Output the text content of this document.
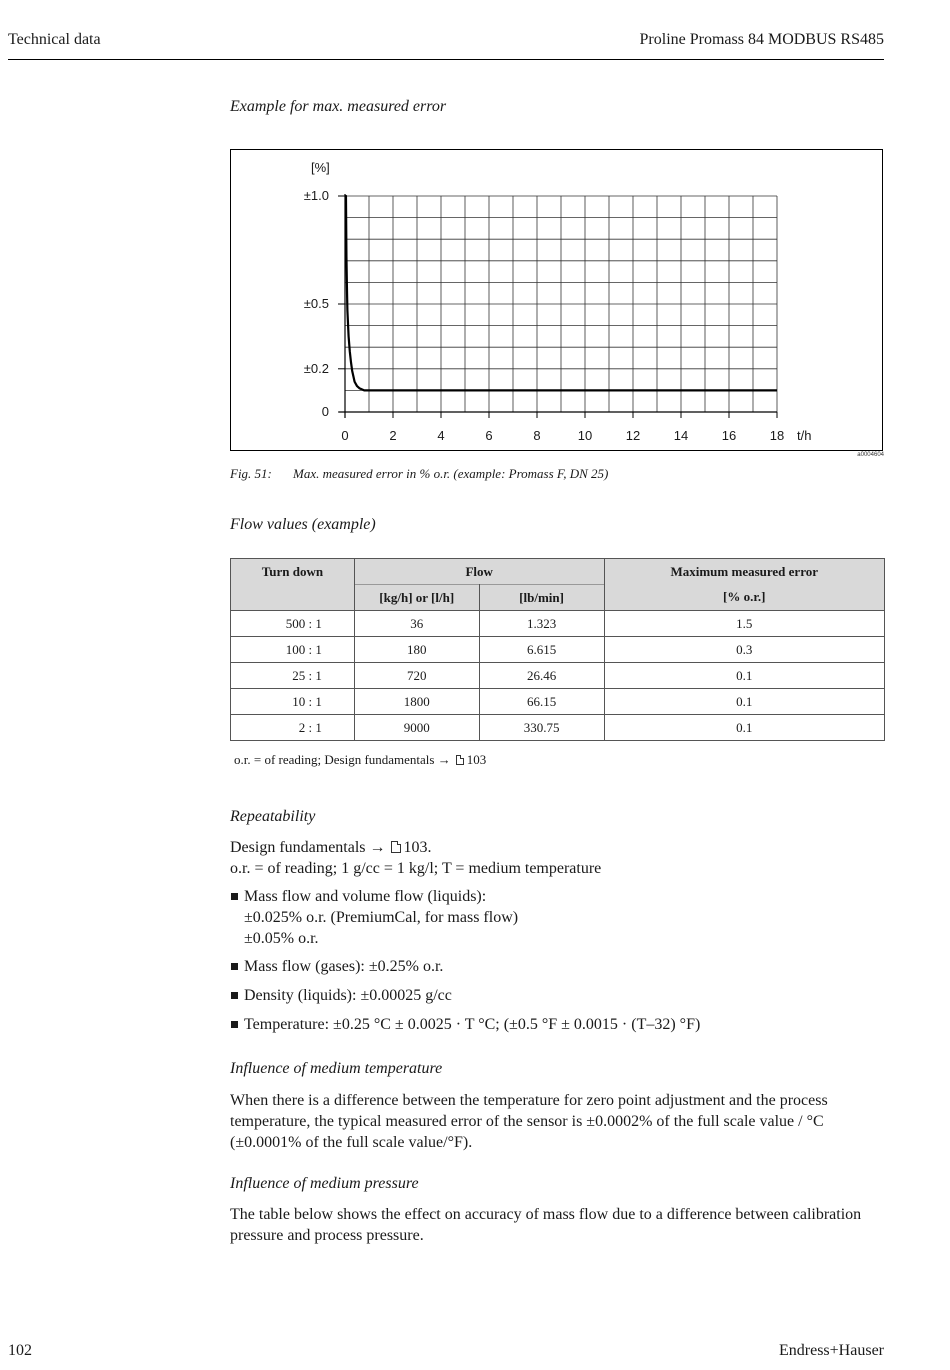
Technical data	Proline Promass 84 MODBUS RS485
Example for max. measured error
±1.0
±0.5
±0.2
0
0	2	4	6	8	10	12	14	16	18
[%]
t/h
a0004604
Fig. 51: Max. measured error in % o.r. (example: Promass F, DN 25)
Flow values (example)
Turn down	Flow		Maximum measured error
	[kg/h] or [l/h]	[lb/min]	[% o.r.]
500 : 1	36	1.323	1.5
100 : 1	180	6.615	0.3
25 : 1	720	26.46	0.1
10 : 1	1800	66.15	0.1
2 : 1	9000	330.75	0.1
o.r. = of reading; Design fundamentals → 103
Repeatability
Design fundamentals → 103.
o.r. = of reading; 1 g/cc = 1 kg/l; T = medium temperature
Mass flow and volume flow (liquids):
±0.025% o.r. (PremiumCal, for mass flow)
±0.05% o.r.
Mass flow (gases): ±0.25% o.r.
Density (liquids): ±0.00025 g/cc
Temperature: ±0.25 °C ± 0.0025 · T °C; (±0.5 °F ± 0.0015 · (T–32) °F)
Influence of medium temperature
When there is a difference between the temperature for zero point adjustment and the process
temperature, the typical measured error of the sensor is ±0.0002% of the full scale value / °C
(±0.0001% of the full scale value/°F).
Influence of medium pressure
The table below shows the effect on accuracy of mass flow due to a difference between calibration
pressure and process pressure.
102	Endress+Hauser
